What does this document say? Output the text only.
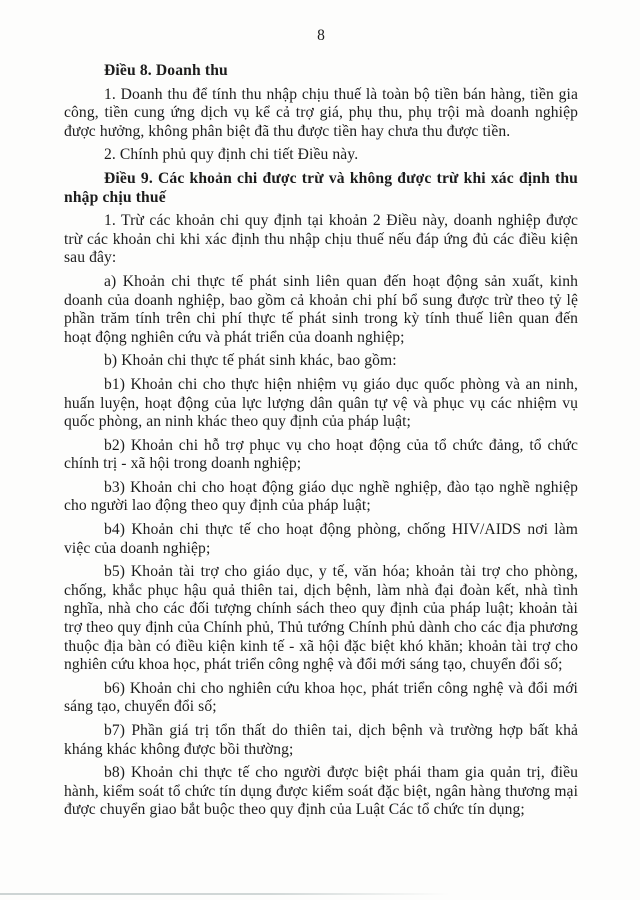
8

Điều 8. Doanh thu

1. Doanh thu để tính thu nhập chịu thuế là toàn bộ tiền bán hàng, tiền gia công, tiền cung ứng dịch vụ kể cả trợ giá, phụ thu, phụ trội mà doanh nghiệp được hưởng, không phân biệt đã thu được tiền hay chưa thu được tiền.

2. Chính phủ quy định chi tiết Điều này.

Điều 9. Các khoản chi được trừ và không được trừ khi xác định thu nhập chịu thuế

1. Trừ các khoản chi quy định tại khoản 2 Điều này, doanh nghiệp được trừ các khoản chi khi xác định thu nhập chịu thuế nếu đáp ứng đủ các điều kiện sau đây:

a) Khoản chi thực tế phát sinh liên quan đến hoạt động sản xuất, kinh doanh của doanh nghiệp, bao gồm cả khoản chi phí bổ sung được trừ theo tỷ lệ phần trăm tính trên chi phí thực tế phát sinh trong kỳ tính thuế liên quan đến hoạt động nghiên cứu và phát triển của doanh nghiệp;

b) Khoản chi thực tế phát sinh khác, bao gồm:

b1) Khoản chi cho thực hiện nhiệm vụ giáo dục quốc phòng và an ninh, huấn luyện, hoạt động của lực lượng dân quân tự vệ và phục vụ các nhiệm vụ quốc phòng, an ninh khác theo quy định của pháp luật;

b2) Khoản chi hỗ trợ phục vụ cho hoạt động của tổ chức đảng, tổ chức chính trị - xã hội trong doanh nghiệp;

b3) Khoản chi cho hoạt động giáo dục nghề nghiệp, đào tạo nghề nghiệp cho người lao động theo quy định của pháp luật;

b4) Khoản chi thực tế cho hoạt động phòng, chống HIV/AIDS nơi làm việc của doanh nghiệp;

b5) Khoản tài trợ cho giáo dục, y tế, văn hóa; khoản tài trợ cho phòng, chống, khắc phục hậu quả thiên tai, dịch bệnh, làm nhà đại đoàn kết, nhà tình nghĩa, nhà cho các đối tượng chính sách theo quy định của pháp luật; khoản tài trợ theo quy định của Chính phủ, Thủ tướng Chính phủ dành cho các địa phương thuộc địa bàn có điều kiện kinh tế - xã hội đặc biệt khó khăn; khoản tài trợ cho nghiên cứu khoa học, phát triển công nghệ và đổi mới sáng tạo, chuyển đổi số;

b6) Khoản chi cho nghiên cứu khoa học, phát triển công nghệ và đổi mới sáng tạo, chuyển đổi số;

b7) Phần giá trị tổn thất do thiên tai, dịch bệnh và trường hợp bất khả kháng khác không được bồi thường;

b8) Khoản chi thực tế cho người được biệt phái tham gia quản trị, điều hành, kiểm soát tổ chức tín dụng được kiểm soát đặc biệt, ngân hàng thương mại được chuyển giao bắt buộc theo quy định của Luật Các tổ chức tín dụng;
